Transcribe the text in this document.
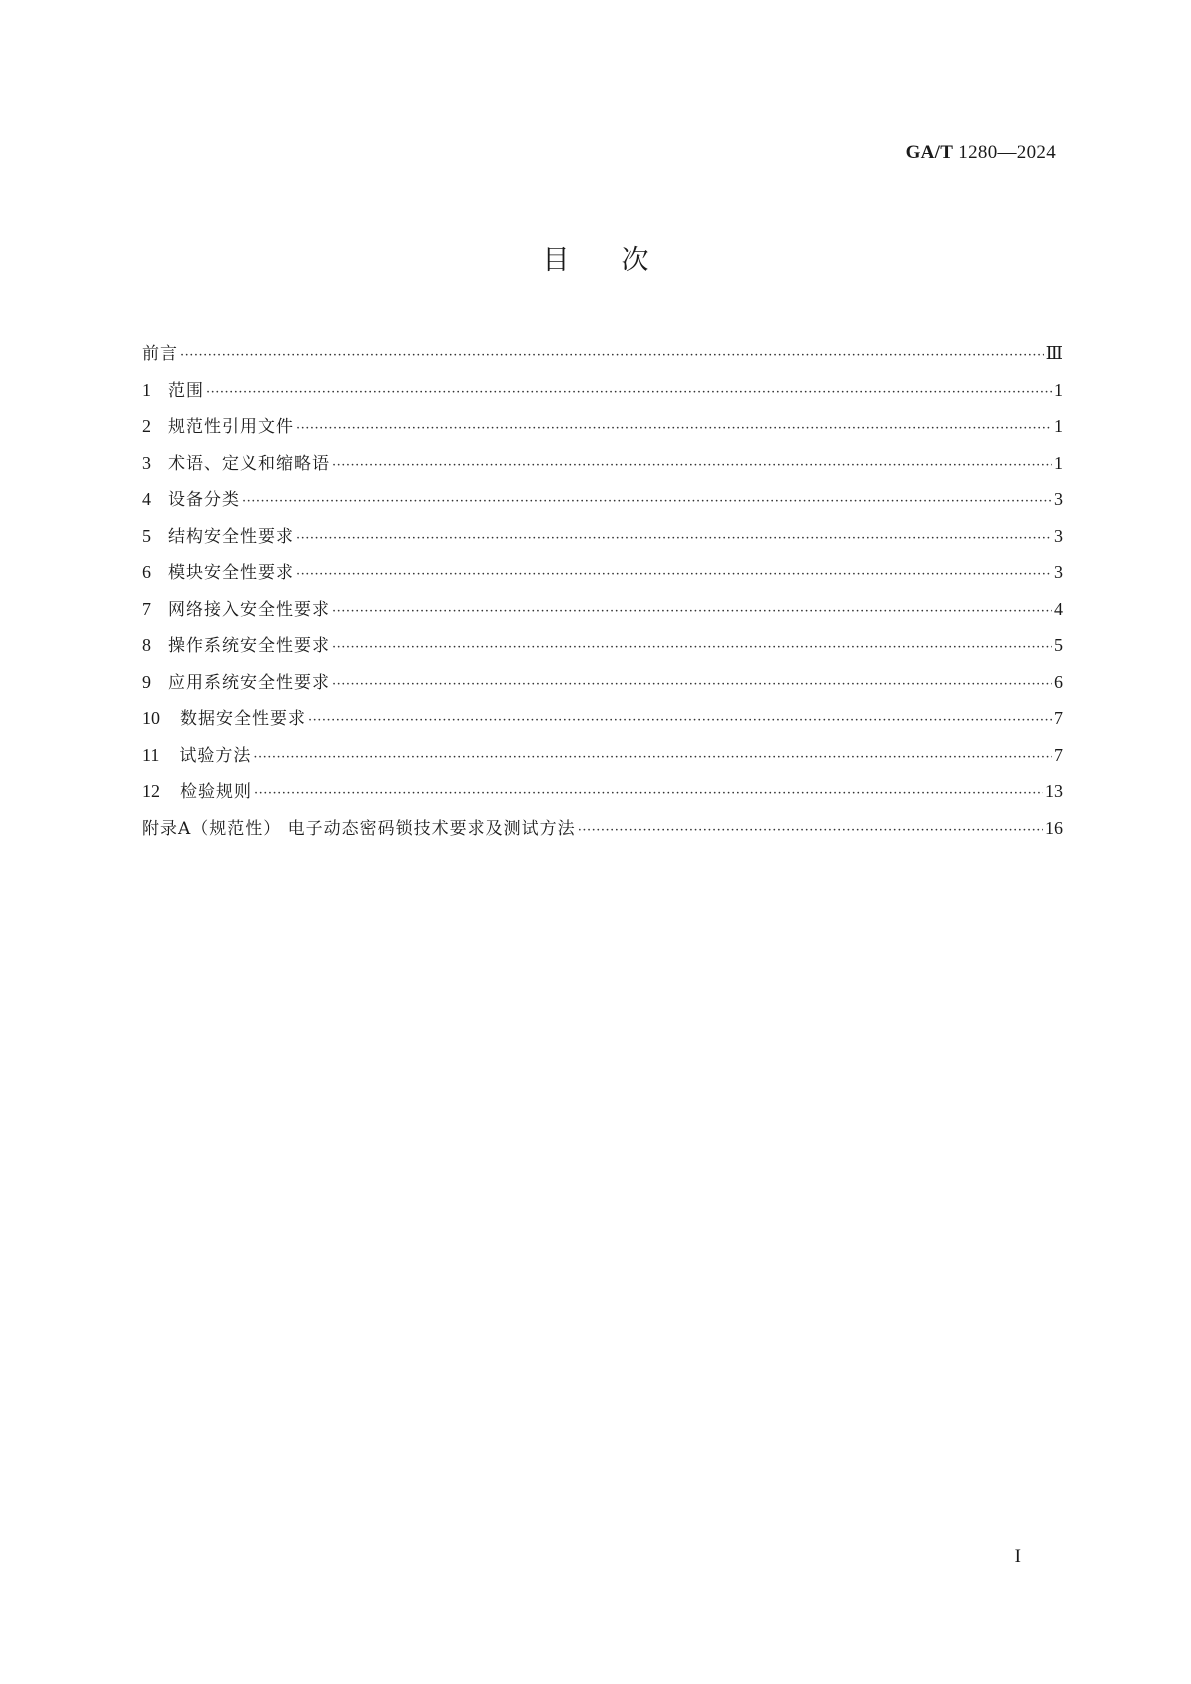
GA/T 1280—2024
目次
前言 ·····	Ⅲ
1 范围 ·····	1
2 规范性引用文件 ·····	1
3 术语、定义和缩略语 ·····	1
4 设备分类 ·····	3
5 结构安全性要求 ·····	3
6 模块安全性要求 ·····	3
7 网络接入安全性要求 ·····	4
8 操作系统安全性要求 ·····	5
9 应用系统安全性要求 ·····	6
10 数据安全性要求 ·····	7
11 试验方法 ·····	7
12 检验规则 ·····	13
附录A（规范性） 电子动态密码锁技术要求及测试方法 ·····	16
I
